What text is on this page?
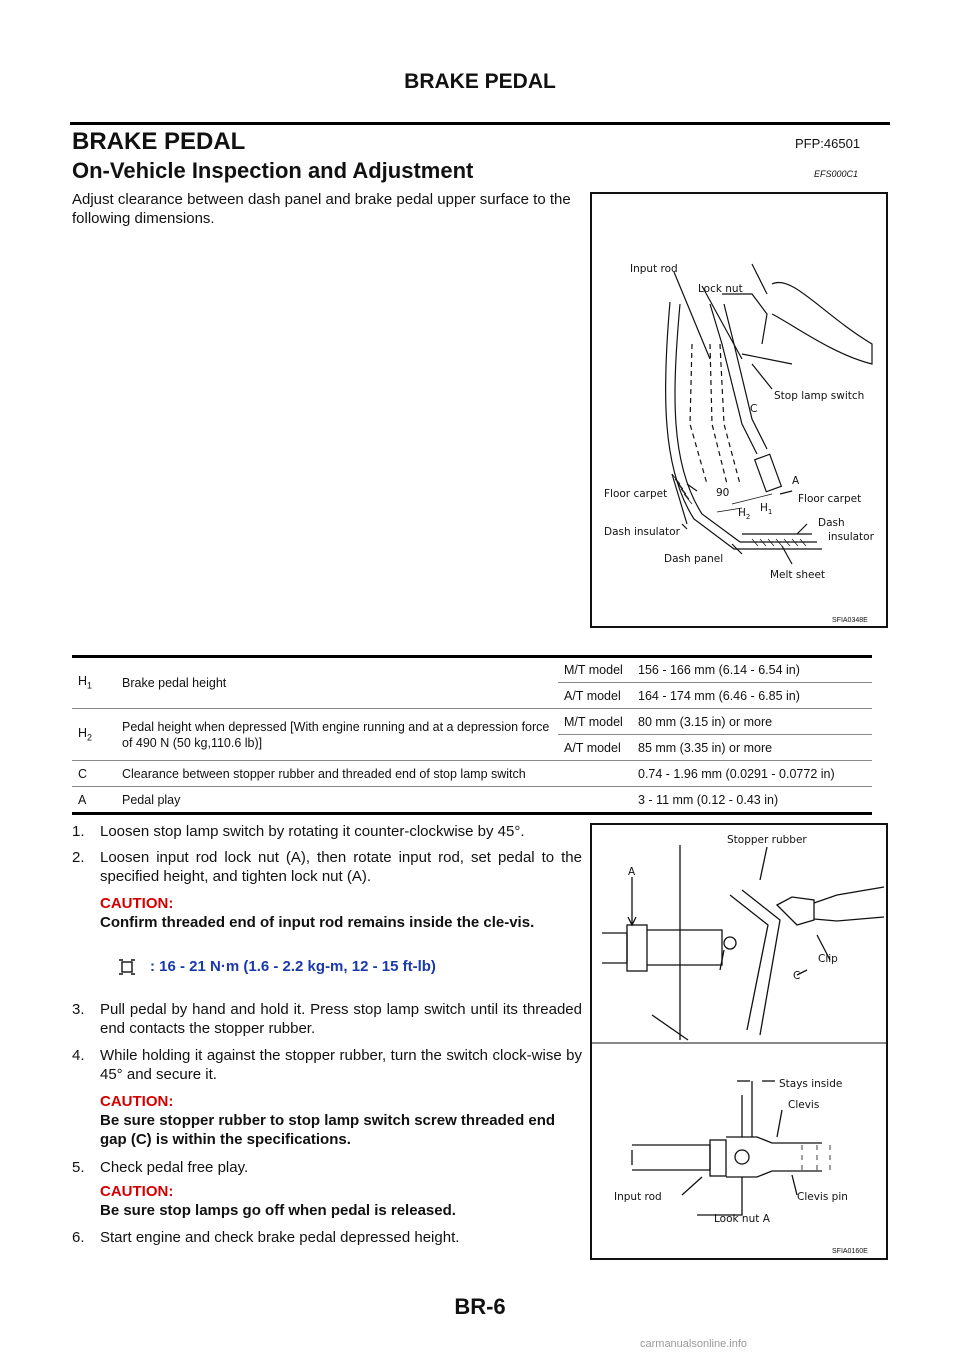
BRAKE PEDAL
BRAKE PEDAL	PFP:46501
On-Vehicle Inspection and Adjustment	EFS000C1
Adjust clearance between dash panel and brake pedal upper surface to the following dimensions.
Input rod
Lock nut
Stop lamp switch
C
A
Floor carpet	Floor carpet
90
$H_2$
$H_1$
Dash insulator
Dash
insulator
Dash panel
Melt sheet
SFIA0348E
$H_1$	Brake pedal height	M/T model	156 - 166 mm (6.14 - 6.54 in)
		A/T model	164 - 174 mm (6.46 - 6.85 in)
$H_2$	Pedal height when depressed [With engine running and at a depression force of 490 N (50 kg,110.6 lb)]	M/T model	80 mm (3.15 in) or more
		A/T model	85 mm (3.35 in) or more
C	Clearance between stopper rubber and threaded end of stop lamp switch		0.74 - 1.96 mm (0.0291 - 0.0772 in)
A	Pedal play		3 - 11 mm (0.12 - 0.43 in)
1. Loosen stop lamp switch by rotating it counter-clockwise by 45°.
2. Loosen input rod lock nut (A), then rotate input rod, set pedal to the specified height, and tighten lock nut (A).
CAUTION:
Confirm threaded end of input rod remains inside the cle-vis.
3. Pull pedal by hand and hold it. Press stop lamp switch until its threaded end contacts the stopper rubber.
4. While holding it against the stopper rubber, turn the switch clock-wise by 45° and secure it.
CAUTION:
Be sure stopper rubber to stop lamp switch screw threaded end gap (C) is within the specifications.
5. Check pedal free play.
CAUTION:
Be sure stop lamps go off when pedal is released.
6. Start engine and check brake pedal depressed height.
: 16 - 21 N·m (1.6 - 2.2 kg-m, 12 - 15 ft-lb)
Stopper rubber
A
Clip
C
Stays inside
Clevis
Input rod	Clevis pin
Look nut A
SFIA0160E
BR-6
carmanualsonline.info
